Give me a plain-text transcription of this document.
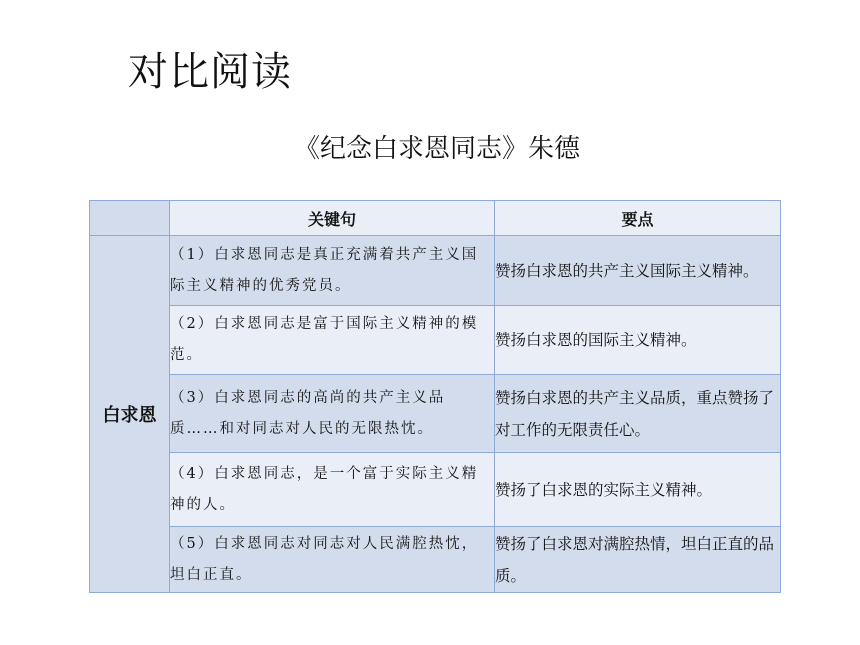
对比阅读
《纪念白求恩同志》朱德
	关键句	要点
白求恩	（1）白求恩同志是真正充满着共产主义国际主义精神的优秀党员。	赞扬白求恩的共产主义国际主义精神。
	（2）白求恩同志是富于国际主义精神的模范。	赞扬白求恩的国际主义精神。
	（3）白求恩同志的高尚的共产主义品质……和对同志对人民的无限热忱。	赞扬白求恩的共产主义品质，重点赞扬了对工作的无限责任心。
	（4）白求恩同志，是一个富于实际主义精神的人。	赞扬了白求恩的实际主义精神。
	（5）白求恩同志对同志对人民满腔热忱，坦白正直。	赞扬了白求恩对满腔热情，坦白正直的品质。
